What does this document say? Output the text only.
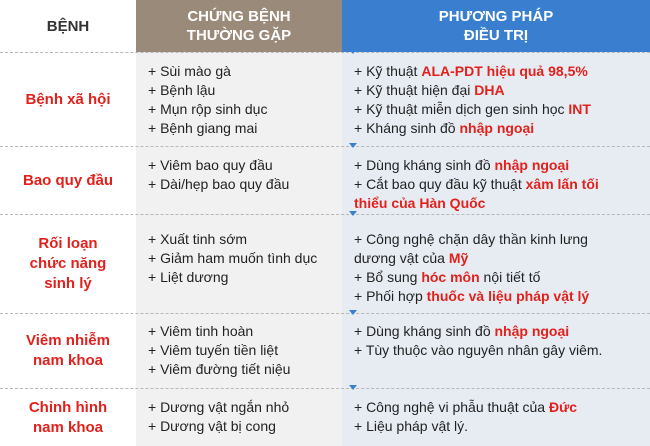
BỆNH
CHỨNG BỆNH
THƯỜNG GẶP
PHƯƠNG PHÁP
ĐIỀU TRỊ
Bệnh xã hội
+ Sùi mào gà
+ Bệnh lậu
+ Mụn rộp sinh dục
+ Bệnh giang mai
+ Kỹ thuật ALA-PDT hiệu quả 98,5%
+ Kỹ thuật hiện đại DHA
+ Kỹ thuật miễn dịch gen sinh học INT
+ Kháng sinh đồ nhập ngoại
Bao quy đầu
+ Viêm bao quy đầu
+ Dài/hẹp bao quy đầu
+ Dùng kháng sinh đồ nhập ngoại
+ Cắt bao quy đầu kỹ thuật xâm lấn tối
thiểu của Hàn Quốc
Rối loạn
chức năng
sinh lý
+ Xuất tinh sớm
+ Giảm ham muốn tình dục
+ Liệt dương
+ Công nghệ chặn dây thần kinh lưng
dương vật của Mỹ
+ Bổ sung hóc môn nội tiết tố
+ Phối hợp thuốc và liệu pháp vật lý
Viêm nhiễm
nam khoa
+ Viêm tinh hoàn
+ Viêm tuyến tiền liệt
+ Viêm đường tiết niệu
+ Dùng kháng sinh đồ nhập ngoại
+ Tùy thuộc vào nguyên nhân gây viêm.
Chỉnh hình
nam khoa
+ Dương vật ngắn nhỏ
+ Dương vật bị cong
+ Công nghệ vi phẫu thuật của Đức
+ Liệu pháp vật lý.
